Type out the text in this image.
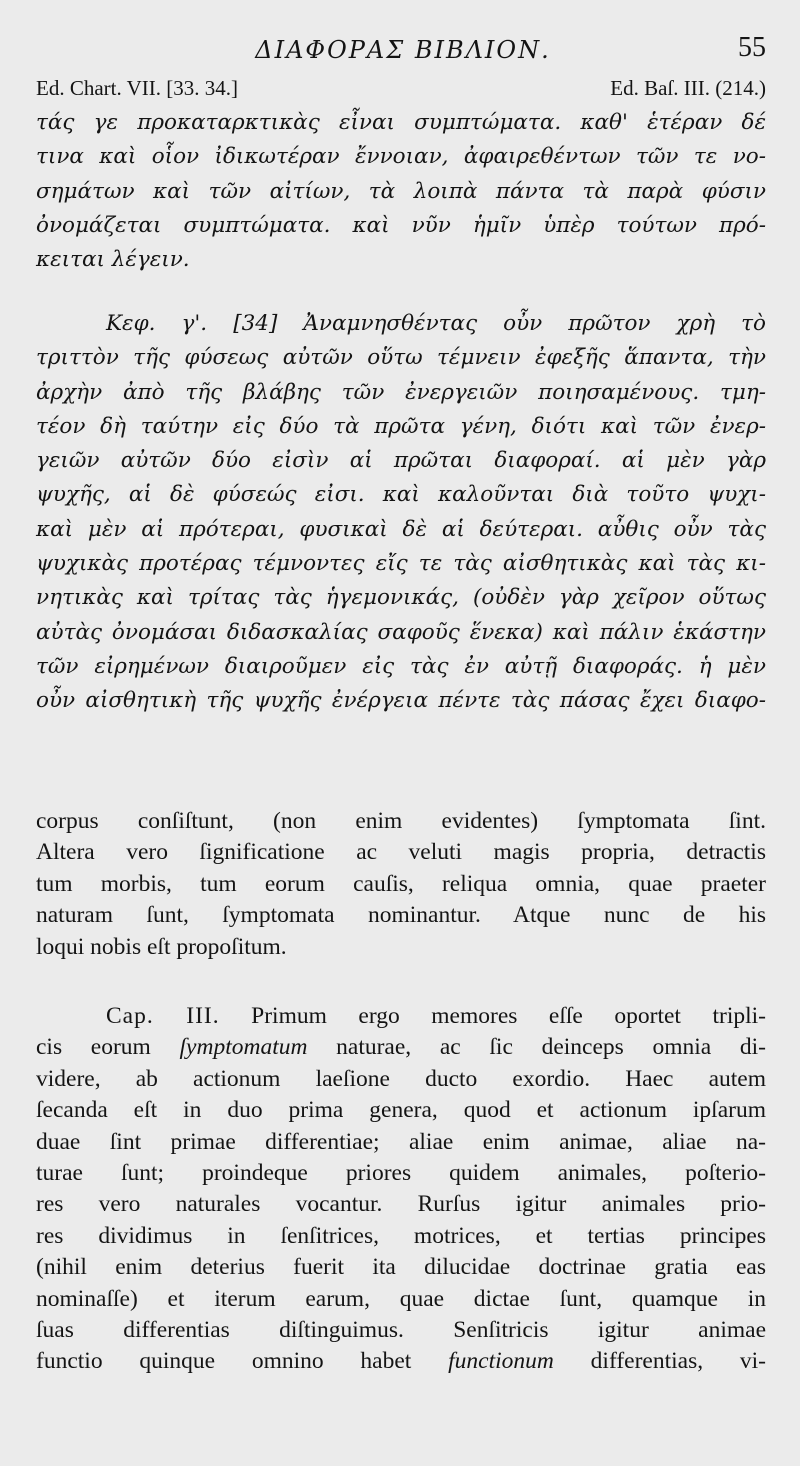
ΔΙΑΦΟΡΑΣ ΒΙΒΛΙΟΝ.	55
Ed. Chart. VII. [33. 34.]	Ed. Baſ. III. (214.)
τάς γε προκαταρκτικὰς εἶναι συμπτώματα. καθ' ἑτέραν δέ
τινα καὶ οἷον ἰδικωτέραν ἔννοιαν, ἀφαιρεθέντων τῶν τε νο-
σημάτων καὶ τῶν αἰτίων, τὰ λοιπὰ πάντα τὰ παρὰ φύσιν
ὀνομάζεται συμπτώματα. καὶ νῦν ἡμῖν ὑπὲρ τούτων πρό-
κειται λέγειν.
Κεφ. γ'. [34] Ἀναμνησθέντας οὖν πρῶτον χρὴ τὸ
τριττὸν τῆς φύσεως αὐτῶν οὕτω τέμνειν ἐφεξῆς ἅπαντα, τὴν
ἀρχὴν ἀπὸ τῆς βλάβης τῶν ἐνεργειῶν ποιησαμένους. τμη-
τέον δὴ ταύτην εἰς δύο τὰ πρῶτα γένη, διότι καὶ τῶν ἐνερ-
γειῶν αὐτῶν δύο εἰσὶν αἱ πρῶται διαφοραί. αἱ μὲν γὰρ
ψυχῆς, αἱ δὲ φύσεώς εἰσι. καὶ καλοῦνται διὰ τοῦτο ψυχι-
καὶ μὲν αἱ πρότεραι, φυσικαὶ δὲ αἱ δεύτεραι. αὖθις οὖν τὰς
ψυχικὰς προτέρας τέμνοντες εἴς τε τὰς αἰσθητικὰς καὶ τὰς κι-
νητικὰς καὶ τρίτας τὰς ἡγεμονικάς, (οὐδὲν γὰρ χεῖρον οὕτως
αὐτὰς ὀνομάσαι διδασκαλίας σαφοῦς ἕνεκα) καὶ πάλιν ἑκάστην
τῶν εἰρημένων διαιροῦμεν εἰς τὰς ἐν αὐτῇ διαφοράς. ἡ μὲν
οὖν αἰσθητικὴ τῆς ψυχῆς ἐνέργεια πέντε τὰς πάσας ἔχει διαφο-
corpus conſiſtunt, (non enim evidentes) ſymptomata ſint.
Altera vero ſignificatione ac veluti magis propria, detractis
tum morbis, tum eorum cauſis, reliqua omnia, quae praeter
naturam ſunt, ſymptomata nominantur. Atque nunc de his
loqui nobis eſt propoſitum.
Cap. III. Primum ergo memores eſſe oportet tripli-
cis eorum ſymptomatum naturae, ac ſic deinceps omnia di-
videre, ab actionum laeſione ducto exordio. Haec autem
ſecanda eſt in duo prima genera, quod et actionum ipſarum
duae ſint primae differentiae; aliae enim animae, aliae na-
turae ſunt; proindeque priores quidem animales, poſterio-
res vero naturales vocantur. Rurſus igitur animales prio-
res dividimus in ſenſitrices, motrices, et tertias principes
(nihil enim deterius fuerit ita dilucidae doctrinae gratia eas
nominaſſe) et iterum earum, quae dictae ſunt, quamque in
ſuas differentias diſtinguimus. Senſitricis igitur animae
functio quinque omnino habet functionum differentias, vi-
